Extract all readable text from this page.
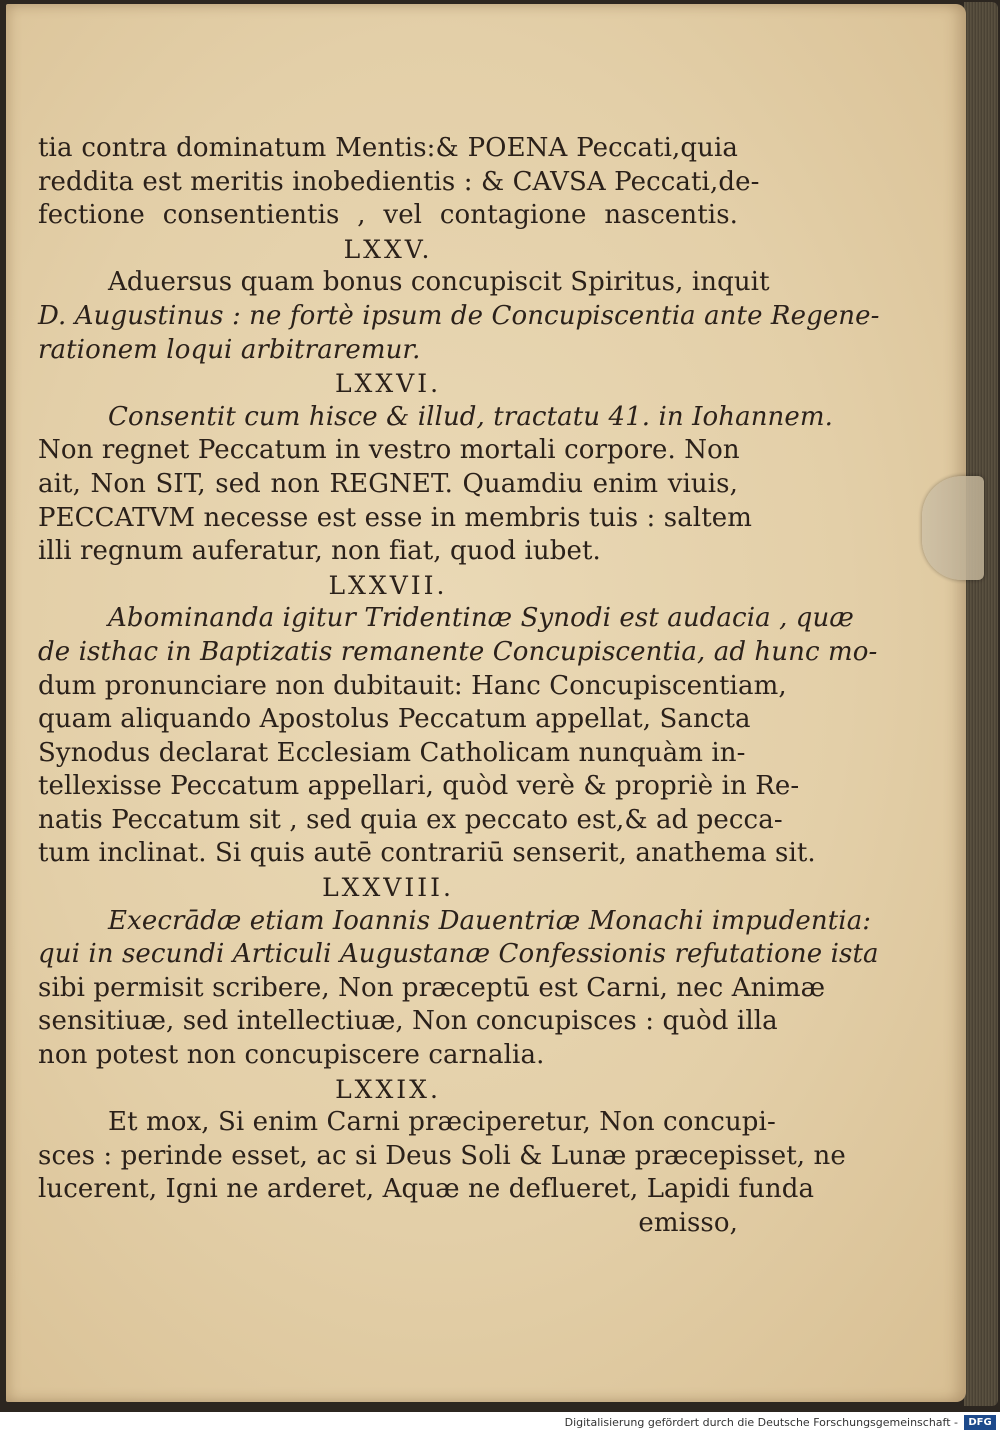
tia contra dominatum Mentis:& POENA Peccati,quia
reddita est meritis inobedientis : & CAVSA Peccati,de-
fectione consentientis , vel contagione nascentis.
LXXV.
Aduersus quam bonus concupiscit Spiritus, inquit
D. Augustinus : ne fortè ipsum de Concupiscentia ante Regene-
rationem loqui arbitraremur.
LXXVI.
Consentit cum hisce & illud, tractatu 41. in Iohannem.
Non regnet Peccatum in vestro mortali corpore. Non
ait, Non SIT, sed non REGNET. Quamdiu enim viuis,
PECCATVM necesse est esse in membris tuis : saltem
illi regnum auferatur, non fiat, quod iubet.
LXXVII.
Abominanda igitur Tridentinæ Synodi est audacia , quæ
de isthac in Baptizatis remanente Concupiscentia, ad hunc mo-
dum pronunciare non dubitauit: Hanc Concupiscentiam,
quam aliquando Apostolus Peccatum appellat, Sancta
Synodus declarat Ecclesiam Catholicam nunquàm in-
tellexisse Peccatum appellari, quòd verè & propriè in Re-
natis Peccatum sit , sed quia ex peccato est,& ad pecca-
tum inclinat. Si quis autē contrariū senserit, anathema sit.
LXXVIII.
Execrādæ etiam Ioannis Dauentriæ Monachi impudentia:
qui in secundi Articuli Augustanæ Confessionis refutatione ista
sibi permisit scribere, Non præceptū est Carni, nec Animæ
sensitiuæ, sed intellectiuæ, Non concupisces : quòd illa
non potest non concupiscere carnalia.
LXXIX.
Et mox, Si enim Carni præciperetur, Non concupi-
sces : perinde esset, ac si Deus Soli & Lunæ præcepisset, ne
lucerent, Igni ne arderet, Aquæ ne deflueret, Lapidi funda
emisso,
Digitalisierung gefördert durch die Deutsche Forschungsgemeinschaft -	DFG
